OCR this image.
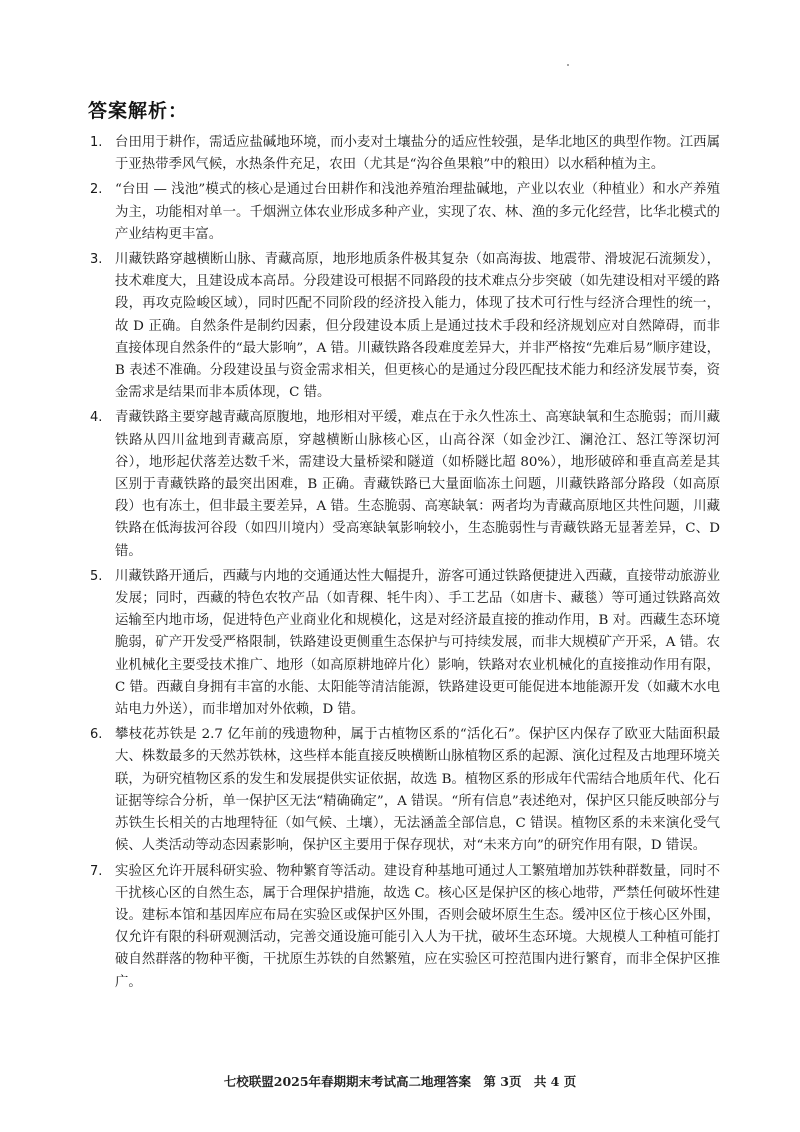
答案解析：
1. 台田用于耕作，需适应盐碱地环境，而小麦对土壤盐分的适应性较强，是华北地区的典型作物。江西属于亚热带季风气候，水热条件充足，农田（尤其是“沟谷鱼果粮”中的粮田）以水稻种植为主。
2. “台田 — 浅池”模式的核心是通过台田耕作和浅池养殖治理盐碱地，产业以农业（种植业）和水产养殖为主，功能相对单一。千烟洲立体农业形成多种产业，实现了农、林、渔的多元化经营，比华北模式的产业结构更丰富。
3. 川藏铁路穿越横断山脉、青藏高原，地形地质条件极其复杂（如高海拔、地震带、滑坡泥石流频发），技术难度大，且建设成本高昂。分段建设可根据不同路段的技术难点分步突破（如先建设相对平缓的路段，再攻克险峻区域），同时匹配不同阶段的经济投入能力，体现了技术可行性与经济合理性的统一，故 D 正确。自然条件是制约因素，但分段建设本质上是通过技术手段和经济规划应对自然障碍，而非直接体现自然条件的“最大影响”，A 错。川藏铁路各段难度差异大，并非严格按“先难后易”顺序建设，B 表述不准确。分段建设虽与资金需求相关，但更核心的是通过分段匹配技术能力和经济发展节奏，资金需求是结果而非本质体现，C 错。
4. 青藏铁路主要穿越青藏高原腹地，地形相对平缓，难点在于永久性冻土、高寒缺氧和生态脆弱；而川藏铁路从四川盆地到青藏高原，穿越横断山脉核心区，山高谷深（如金沙江、澜沧江、怒江等深切河谷），地形起伏落差达数千米，需建设大量桥梁和隧道（如桥隧比超 80%），地形破碎和垂直高差是其区别于青藏铁路的最突出困难，B 正确。青藏铁路已大量面临冻土问题，川藏铁路部分路段（如高原段）也有冻土，但非最主要差异，A 错。生态脆弱、高寒缺氧：两者均为青藏高原地区共性问题，川藏铁路在低海拔河谷段（如四川境内）受高寒缺氧影响较小，生态脆弱性与青藏铁路无显著差异，C、D 错。
5. 川藏铁路开通后，西藏与内地的交通通达性大幅提升，游客可通过铁路便捷进入西藏，直接带动旅游业发展；同时，西藏的特色农牧产品（如青稞、牦牛肉）、手工艺品（如唐卡、藏毯）等可通过铁路高效运输至内地市场，促进特色产业商业化和规模化，这是对经济最直接的推动作用，B 对。西藏生态环境脆弱，矿产开发受严格限制，铁路建设更侧重生态保护与可持续发展，而非大规模矿产开采，A 错。农业机械化主要受技术推广、地形（如高原耕地碎片化）影响，铁路对农业机械化的直接推动作用有限，C 错。西藏自身拥有丰富的水能、太阳能等清洁能源，铁路建设更可能促进本地能源开发（如藏木水电站电力外送），而非增加对外依赖，D 错。
6. 攀枝花苏铁是 2.7 亿年前的残遗物种，属于古植物区系的“活化石”。保护区内保存了欧亚大陆面积最大、株数最多的天然苏铁林，这些样本能直接反映横断山脉植物区系的起源、演化过程及古地理环境关联，为研究植物区系的发生和发展提供实证依据，故选 B。植物区系的形成年代需结合地质年代、化石证据等综合分析，单一保护区无法“精确确定”，A 错误。“所有信息”表述绝对，保护区只能反映部分与苏铁生长相关的古地理特征（如气候、土壤），无法涵盖全部信息，C 错误。植物区系的未来演化受气候、人类活动等动态因素影响，保护区主要用于保存现状，对“未来方向”的研究作用有限，D 错误。
7. 实验区允许开展科研实验、物种繁育等活动。建设育种基地可通过人工繁殖增加苏铁种群数量，同时不干扰核心区的自然生态，属于合理保护措施，故选 C。核心区是保护区的核心地带，严禁任何破坏性建设。建标本馆和基因库应布局在实验区或保护区外围，否则会破坏原生生态。缓冲区位于核心区外围，仅允许有限的科研观测活动，完善交通设施可能引入人为干扰，破坏生态环境。大规模人工种植可能打破自然群落的物种平衡，干扰原生苏铁的自然繁殖，应在实验区可控范围内进行繁育，而非全保护区推广。
七校联盟2025年春期期末考试高二地理答案 第 3页 共 4 页
